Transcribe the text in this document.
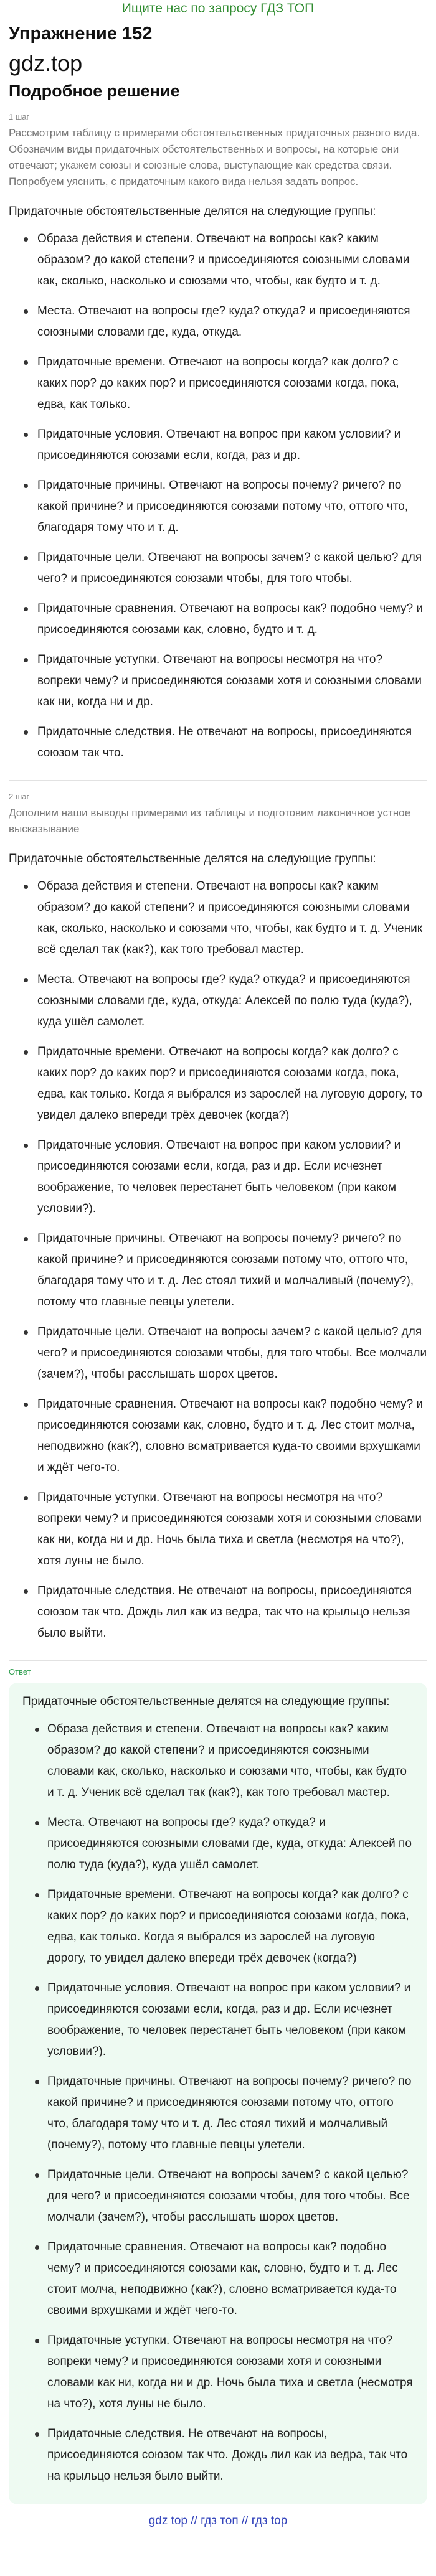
Ищите нас по запросу ГДЗ ТОП
Упражнение 152
gdz.top
Подробное решение
1 шаг

Рассмотрим таблицу с примерами обстоятельственных придаточных разного вида. Обозначим виды придаточных обстоятельственных и вопросы, на которые они отвечают; укажем союзы и союзные слова, выступающие как средства связи. Попробуем уяснить, с придаточным какого вида нельзя задать вопрос.

Придаточные обстоятельственные делятся на следующие группы:

Образа действия и степени. Отвечают на вопросы как? каким образом? до какой степени? и присоединяются союзными словами как, сколько, насколько и союзами что, чтобы, как будто и т. д.
Места. Отвечают на вопросы где? куда? откуда? и присоединяются союзными словами где, куда, откуда.
Придаточные времени. Отвечают на вопросы когда? как долго? с каких пор? до каких пор? и присоединяются союзами когда, пока, едва, как только.
Придаточные условия. Отвечают на вопрос при каком условии? и присоединяются союзами если, когда, раз и др.
Придаточные причины. Отвечают на вопросы почему? ричего? по какой причине? и присоединяются союзами потому что, оттого что, благодаря тому что и т. д.
Придаточные цели. Отвечают на вопросы зачем? с какой целью? для чего? и присоединяются союзами чтобы, для того чтобы.
Придаточные сравнения. Отвечают на вопросы как? подобно чему? и присоединяются союзами как, словно, будто и т. д.
Придаточные уступки. Отвечают на вопросы несмотря на что? вопреки чему? и присоединяются союзами хотя и союзными словами как ни, когда ни и др.
Придаточные следствия. Не отвечают на вопросы, присоединяются союзом так что.
2 шаг

Дополним наши выводы примерами из таблицы и подготовим лаконичное устное высказывание

Придаточные обстоятельственные делятся на следующие группы:

Образа действия и степени. Отвечают на вопросы как? каким образом? до какой степени? и присоединяются союзными словами как, сколько, насколько и союзами что, чтобы, как будто и т. д. Ученик всё сделал так (как?), как того требовал мастер.
Места. Отвечают на вопросы где? куда? откуда? и присоединяются союзными словами где, куда, откуда: Алексей по полю туда (куда?), куда ушёл самолет.
Придаточные времени. Отвечают на вопросы когда? как долго? с каких пор? до каких пор? и присоединяются союзами когда, пока, едва, как только. Когда я выбрался из зарослей на луговую дорогу, то увидел далеко впереди трёх девочек (когда?)
Придаточные условия. Отвечают на вопрос при каком условии? и присоединяются союзами если, когда, раз и др. Если исчезнет воображение, то человек перестанет быть человеком (при каком условии?).
Придаточные причины. Отвечают на вопросы почему? ричего? по какой причине? и присоединяются союзами потому что, оттого что, благодаря тому что и т. д. Лес стоял тихий и молчаливый (почему?), потому что главные певцы улетели.
Придаточные цели. Отвечают на вопросы зачем? с какой целью? для чего? и присоединяются союзами чтобы, для того чтобы. Все молчали (зачем?), чтобы расслышать шорох цветов.
Придаточные сравнения. Отвечают на вопросы как? подобно чему? и присоединяются союзами как, словно, будто и т. д. Лес стоит молча, неподвижно (как?), словно всматривается куда-то своими врхушками и ждёт чего-то.
Придаточные уступки. Отвечают на вопросы несмотря на что? вопреки чему? и присоединяются союзами хотя и союзными словами как ни, когда ни и др. Ночь была тиха и светла (несмотря на что?), хотя луны не было.
Придаточные следствия. Не отвечают на вопросы, присоединяются союзом так что. Дождь лил как из ведра, так что на крыльцо нельзя было выйти.
Ответ

Придаточные обстоятельственные делятся на следующие группы:

Образа действия и степени. Отвечают на вопросы как? каким образом? до какой степени? и присоединяются союзными словами как, сколько, насколько и союзами что, чтобы, как будто и т. д. Ученик всё сделал так (как?), как того требовал мастер.
Места. Отвечают на вопросы где? куда? откуда? и присоединяются союзными словами где, куда, откуда: Алексей по полю туда (куда?), куда ушёл самолет.
Придаточные времени. Отвечают на вопросы когда? как долго? с каких пор? до каких пор? и присоединяются союзами когда, пока, едва, как только. Когда я выбрался из зарослей на луговую дорогу, то увидел далеко впереди трёх девочек (когда?)
Придаточные условия. Отвечают на вопрос при каком условии? и присоединяются союзами если, когда, раз и др. Если исчезнет воображение, то человек перестанет быть человеком (при каком условии?).
Придаточные причины. Отвечают на вопросы почему? ричего? по какой причине? и присоединяются союзами потому что, оттого что, благодаря тому что и т. д. Лес стоял тихий и молчаливый (почему?), потому что главные певцы улетели.
Придаточные цели. Отвечают на вопросы зачем? с какой целью? для чего? и присоединяются союзами чтобы, для того чтобы. Все молчали (зачем?), чтобы расслышать шорох цветов.
Придаточные сравнения. Отвечают на вопросы как? подобно чему? и присоединяются союзами как, словно, будто и т. д. Лес стоит молча, неподвижно (как?), словно всматривается куда-то своими врхушками и ждёт чего-то.
Придаточные уступки. Отвечают на вопросы несмотря на что? вопреки чему? и присоединяются союзами хотя и союзными словами как ни, когда ни и др. Ночь была тиха и светла (несмотря на что?), хотя луны не было.
Придаточные следствия. Не отвечают на вопросы, присоединяются союзом так что. Дождь лил как из ведра, так что на крыльцо нельзя было выйти.
gdz top // гдз топ // гдз top
